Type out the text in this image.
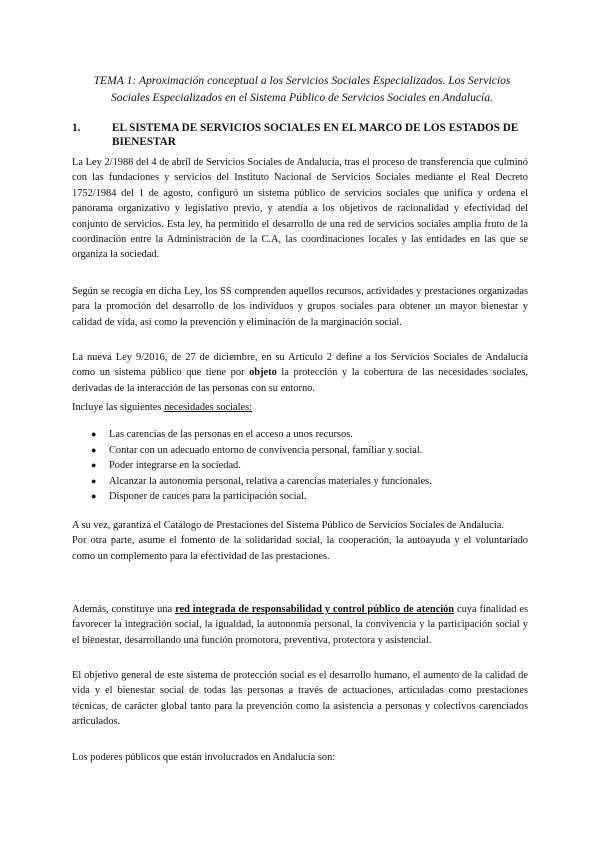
TEMA 1: Aproximación conceptual a los Servicios Sociales Especializados. Los Servicios
Sociales Especializados en el Sistema Público de Servicios Sociales en Andalucía.
1.	EL SISTEMA DE SERVICIOS SOCIALES EN EL MARCO DE LOS ESTADOS DE
BIENESTAR

La Ley 2/1988 del 4 de abril de Servicios Sociales de Andalucía, tras el proceso de transferencia que culminó con las fundaciones y servicios del Instituto Nacional de Servicios Sociales mediante el Real Decreto 1752/1984 del 1 de agosto, configuró un sistema público de servicios sociales que unifica y ordena el panorama organizativo y legislativo previo, y atendía a los objetivos de racionalidad y efectividad del conjunto de servicios. Esta ley, ha permitido el desarrollo de una red de servicios sociales amplia fruto de la coordinación entre la Administración de la C.A, las coordinaciones locales y las entidades en las que se organiza la sociedad.

Según se recogía en dicha Ley, los SS comprenden aquellos recursos, actividades y prestaciones organizadas para la promoción del desarrollo de los individuos y grupos sociales para obtener un mayor bienestar y calidad de vida, así como la prevención y eliminación de la marginación social.

La nueva Ley 9/2016, de 27 de diciembre, en su Artículo 2 define a los Servicios Sociales de Andalucía como un sistema público que tiene por objeto la protección y la cobertura de las necesidades sociales, derivadas de la interacción de las personas con su entorno.

Incluye las siguientes necesidades sociales:

● Las carencias de las personas en el acceso a unos recursos.
● Contar con un adecuado entorno de convivencia personal, familiar y social.
● Poder integrarse en la sociedad.
● Alcanzar la autonomía personal, relativa a carencias materiales y funcionales.
● Disponer de cauces para la participación social.

A su vez, garantiza el Catálogo de Prestaciones del Sistema Público de Servicios Sociales de Andalucía.
Por otra parte, asume el fomento de la solidaridad social, la cooperación, la autoayuda y el voluntariado como un complemento para la efectividad de las prestaciones.

Además, constituye una red integrada de responsabilidad y control público de atención cuya finalidad es favorecer la integración social, la igualdad, la autonomía personal, la convivencia y la participación social y el bienestar, desarrollando una función promotora, preventiva, protectora y asistencial.

El objetivo general de este sistema de protección social es el desarrollo humano, el aumento de la calidad de vida y el bienestar social de todas las personas a través de actuaciones, articuladas como prestaciones técnicas, de carácter global tanto para la prevención como la asistencia a personas y colectivos carenciados articulados.

Los poderes públicos que están involucrados en Andalucía son:
